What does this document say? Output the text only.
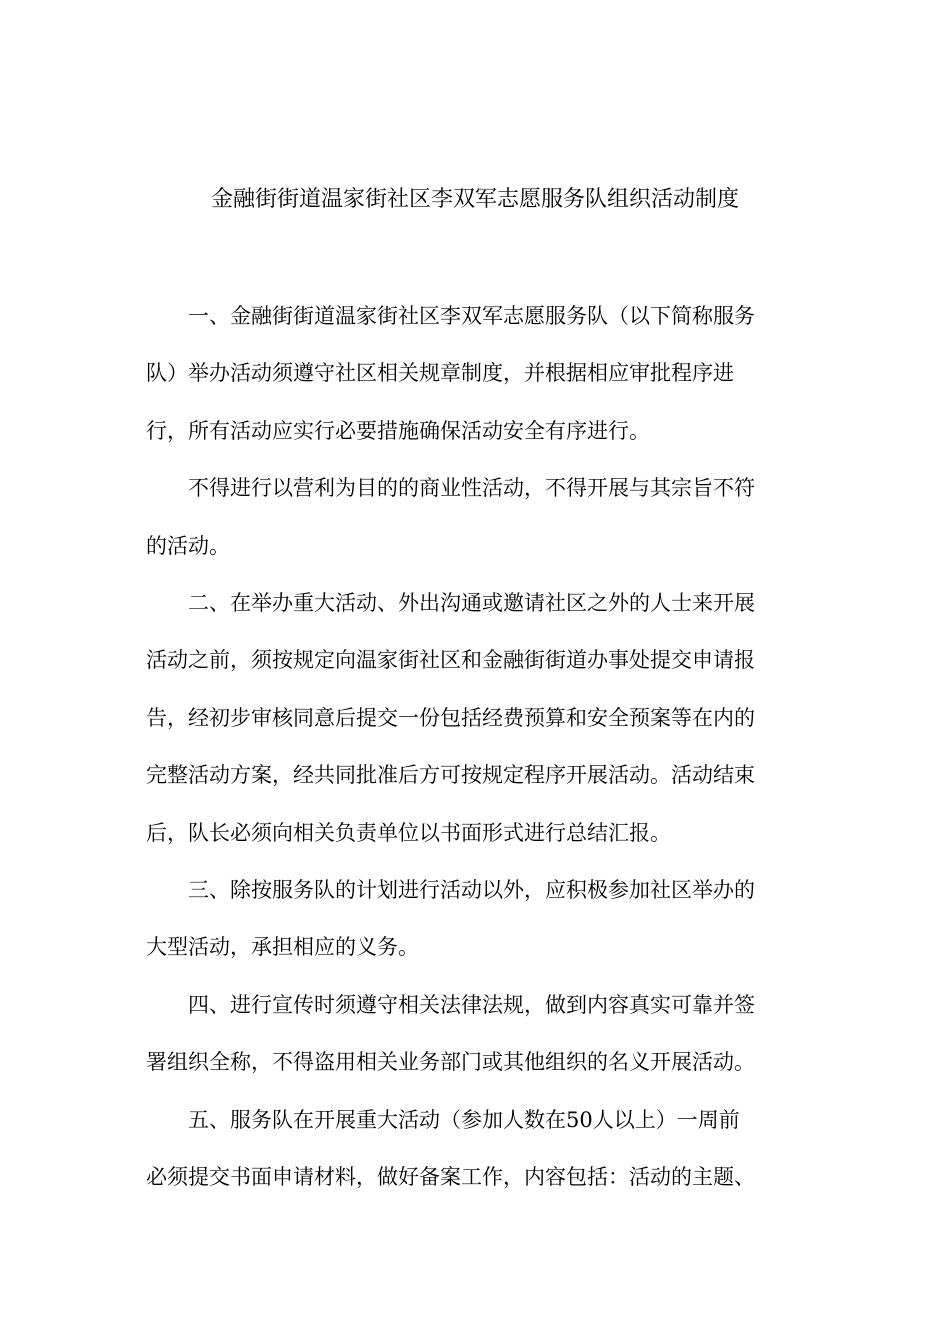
金融街街道温家街社区李双军志愿服务队组织活动制度
一、金融街街道温家街社区李双军志愿服务队（以下简称服务
队）举办活动须遵守社区相关规章制度，并根据相应审批程序进
行，所有活动应实行必要措施确保活动安全有序进行。
不得进行以营利为目的的商业性活动，不得开展与其宗旨不符
的活动。
二、在举办重大活动、外出沟通或邀请社区之外的人士来开展
活动之前，须按规定向温家街社区和金融街街道办事处提交申请报
告，经初步审核同意后提交一份包括经费预算和安全预案等在内的
完整活动方案，经共同批准后方可按规定程序开展活动。活动结束
后，队长必须向相关负责单位以书面形式进行总结汇报。
三、除按服务队的计划进行活动以外，应积极参加社区举办的
大型活动，承担相应的义务。
四、进行宣传时须遵守相关法律法规，做到内容真实可靠并签
署组织全称，不得盗用相关业务部门或其他组织的名义开展活动。
五、服务队在开展重大活动（参加人数在50人以上）一周前
必须提交书面申请材料，做好备案工作，内容包括：活动的主题、
